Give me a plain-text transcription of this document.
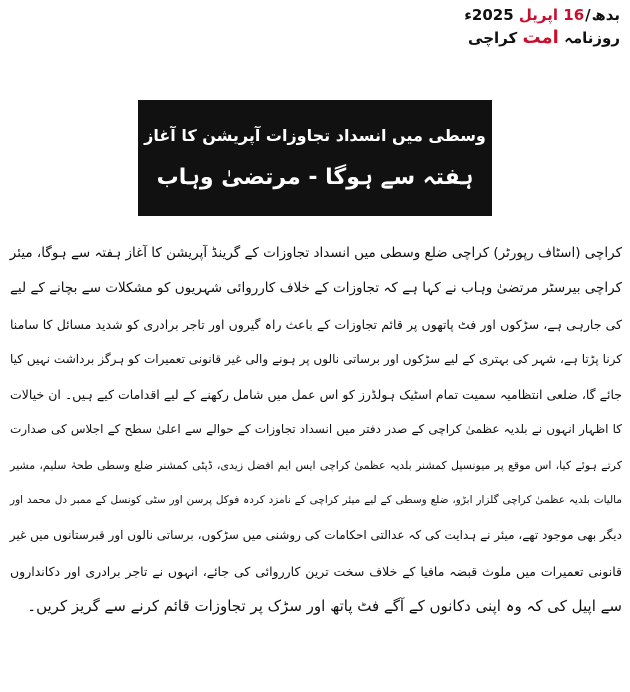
بدھ/16 اپریل 2025ء
روزنامہ امت کراچی
وسطی میں انسداد تجاوزات آپریشن کا آغاز
ہفتہ سے ہوگا - مرتضیٰ وہاب
کراچی (اسٹاف رپورٹر) کراچی ضلع وسطی میں انسداد تجاوزات کے گرینڈ آپریشن کا آغاز ہفتہ سے ہوگا، میئر
کراچی بیرسٹر مرتضیٰ وہاب نے کہا ہے کہ تجاوزات کے خلاف کارروائی شہریوں کو مشکلات سے بچانے کے لیے
کی جارہی ہے، سڑکوں اور فٹ پاتھوں پر قائم تجاوزات کے باعث راہ گیروں اور تاجر برادری کو شدید مسائل کا سامنا
کرنا پڑتا ہے، شہر کی بہتری کے لیے سڑکوں اور برساتی نالوں پر ہونے والی غیر قانونی تعمیرات کو ہرگز برداشت نہیں کیا
جائے گا، ضلعی انتظامیہ سمیت تمام اسٹیک ہولڈرز کو اس عمل میں شامل رکھنے کے لیے اقدامات کیے ہیں۔ ان خیالات
کا اظہار انہوں نے بلدیہ عظمیٰ کراچی کے صدر دفتر میں انسداد تجاوزات کے حوالے سے اعلیٰ سطح کے اجلاس کی صدارت
کرتے ہوئے کیا، اس موقع پر میونسپل کمشنر بلدیہ عظمیٰ کراچی ایس ایم افضل زیدی، ڈپٹی کمشنر ضلع وسطی طحہٰ سلیم، مشیر
مالیات بلدیہ عظمیٰ کراچی گلزار ابڑو، ضلع وسطی کے لیے میئر کراچی کے نامزد کردہ فوکل پرسن اور سٹی کونسل کے ممبر دل محمد اور
دیگر بھی موجود تھے، میئر نے ہدایت کی کہ عدالتی احکامات کی روشنی میں سڑکوں، برساتی نالوں اور قبرستانوں میں غیر
قانونی تعمیرات میں ملوث قبضہ مافیا کے خلاف سخت ترین کارروائی کی جائے، انہوں نے تاجر برادری اور دکانداروں
سے اپیل کی کہ وہ اپنی دکانوں کے آگے فٹ پاتھ اور سڑک پر تجاوزات قائم کرنے سے گریز کریں۔
